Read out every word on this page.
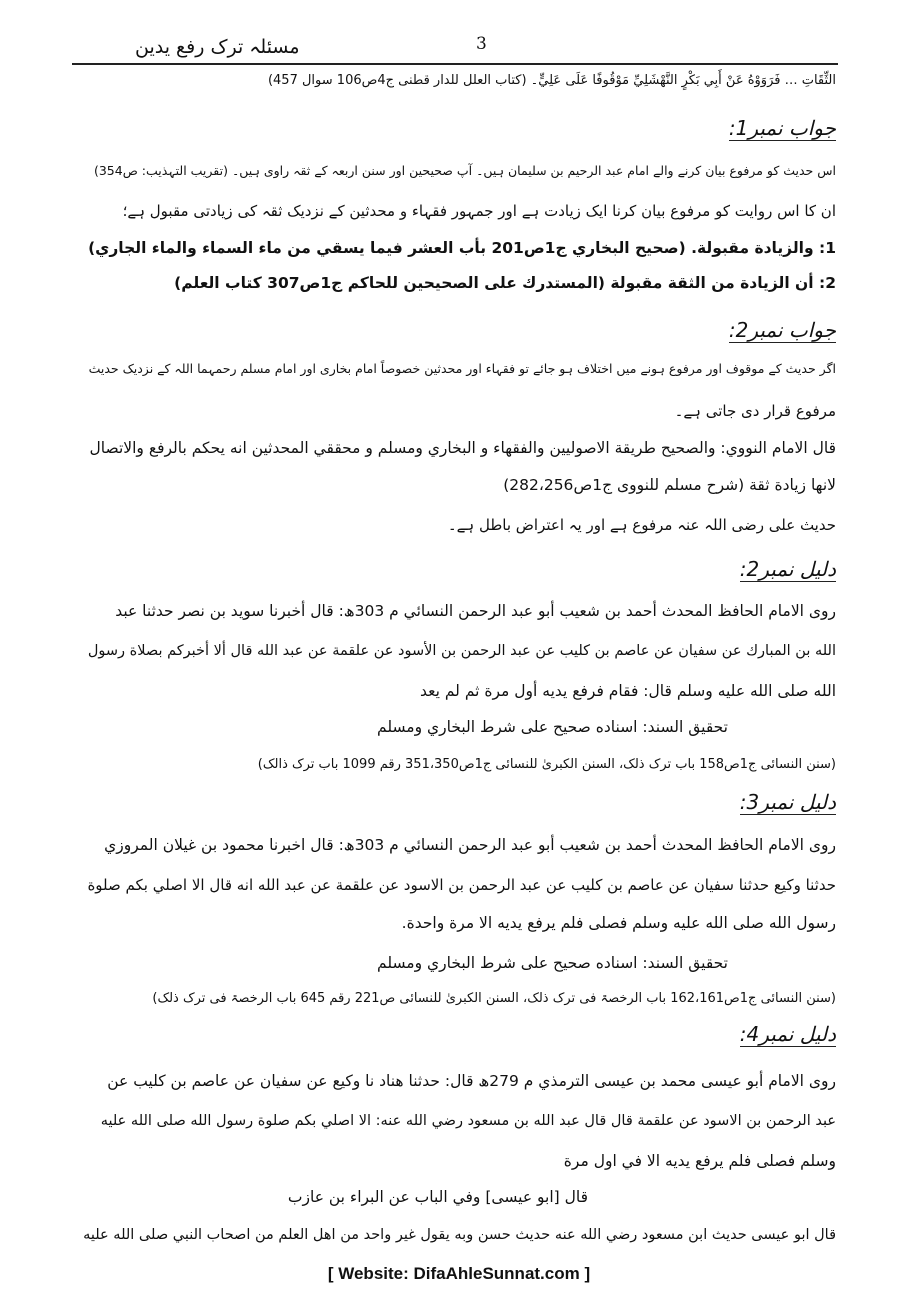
مسئلہ ترک رفع یدین	3
الثِّقَاتِ … فَرَوَوْهُ عَنْ أَبِي بَكْرٍ النَّهْشَلِيِّ مَوْقُوفًا عَلَى عَلِيٍّ۔ (کتاب العلل للدار قطنی ج4ص106 سوال 457)
جواب نمبر1:
اس حدیث کو مرفوع بیان کرنے والے امام عبد الرحیم بن سلیمان ہیں۔ آپ صحیحین اور سنن اربعہ کے ثقہ راوی ہیں۔ (تقریب التہذیب: ص354)
ان کا اس روایت کو مرفوع بیان کرنا ایک زیادت ہے اور جمہور فقہاء و محدثین کے نزدیک ثقہ کی زیادتی مقبول ہے؛
1: والزيادة مقبولة. (صحيح البخاري ج1ص201 بأب العشر فيما يسقي من ماء السماء والماء الجاري)
2: أن الزيادة من الثقة مقبولة (المستدرك على الصحيحين للحاكم ج1ص307 كتاب العلم)
جواب نمبر2:
اگر حدیث کے موقوف اور مرفوع ہونے میں اختلاف ہو جائے تو فقہاء اور محدثین خصوصاً امام بخاری اور امام مسلم رحمہما اللہ کے نزدیک حدیث
مرفوع قرار دی جاتی ہے۔
قال الامام النووي: والصحيح طريقة الاصوليين والفقهاء و البخاري ومسلم و محققي المحدثين انه يحكم بالرفع والاتصال
لانها زيادة ثقة (شرح مسلم للنووی ج1ص282،256)
حدیث علی رضی اللہ عنہ مرفوع ہے اور یہ اعتراض باطل ہے۔
دلیل نمبر2:
روى الامام الحافظ المحدث أحمد بن شعيب أبو عبد الرحمن النسائي م 303ھ: قال أخبرنا سويد بن نصر حدثنا عبد
الله بن المبارك عن سفيان عن عاصم بن كليب عن عبد الرحمن بن الأسود عن علقمة عن عبد الله قال ألا أخبركم بصلاة رسول
الله صلى الله عليه وسلم قال: فقام فرفع يديه أول مرة ثم لم يعد
تحقيق السند: اسناده صحيح على شرط البخاري ومسلم
(سنن النسائی ج1ص158 باب ترک ذلک، السنن الکبریٰ للنسائی ج1ص351،350 رقم 1099 باب ترک ذالک)
دلیل نمبر3:
روى الامام الحافظ المحدث أحمد بن شعيب أبو عبد الرحمن النسائي م 303ھ: قال اخبرنا محمود بن غيلان المروزي
حدثنا وكيع حدثنا سفيان عن عاصم بن كليب عن عبد الرحمن بن الاسود عن علقمة عن عبد الله انه قال الا اصلي بكم صلوة
رسول الله صلى الله عليه وسلم فصلى فلم يرفع يديه الا مرة واحدة.
تحقيق السند: اسناده صحيح على شرط البخاري ومسلم
(سنن النسائی ج1ص162،161 باب الرخصۃ فی ترک ذلک، السنن الکبریٰ للنسائی ص221 رقم 645 باب الرخصۃ فی ترک ذلک)
دلیل نمبر4:
روى الامام أبو عيسى محمد بن عيسى الترمذي م 279ھ قال: حدثنا هناد نا وكيع عن سفيان عن عاصم بن كليب عن
عبد الرحمن بن الاسود عن علقمة قال قال عبد الله بن مسعود رضي الله عنه: الا اصلي بكم صلوة رسول الله صلى الله عليه
وسلم فصلى فلم يرفع يديه الا في اول مرة
قال [ابو عيسى] وفي الباب عن البراء بن عازب
قال ابو عيسى حديث ابن مسعود رضي الله عنه حديث حسن وبه يقول غير واحد من اهل العلم من اصحاب النبي صلى الله عليه
[ Website: DifaAhleSunnat.com ]
